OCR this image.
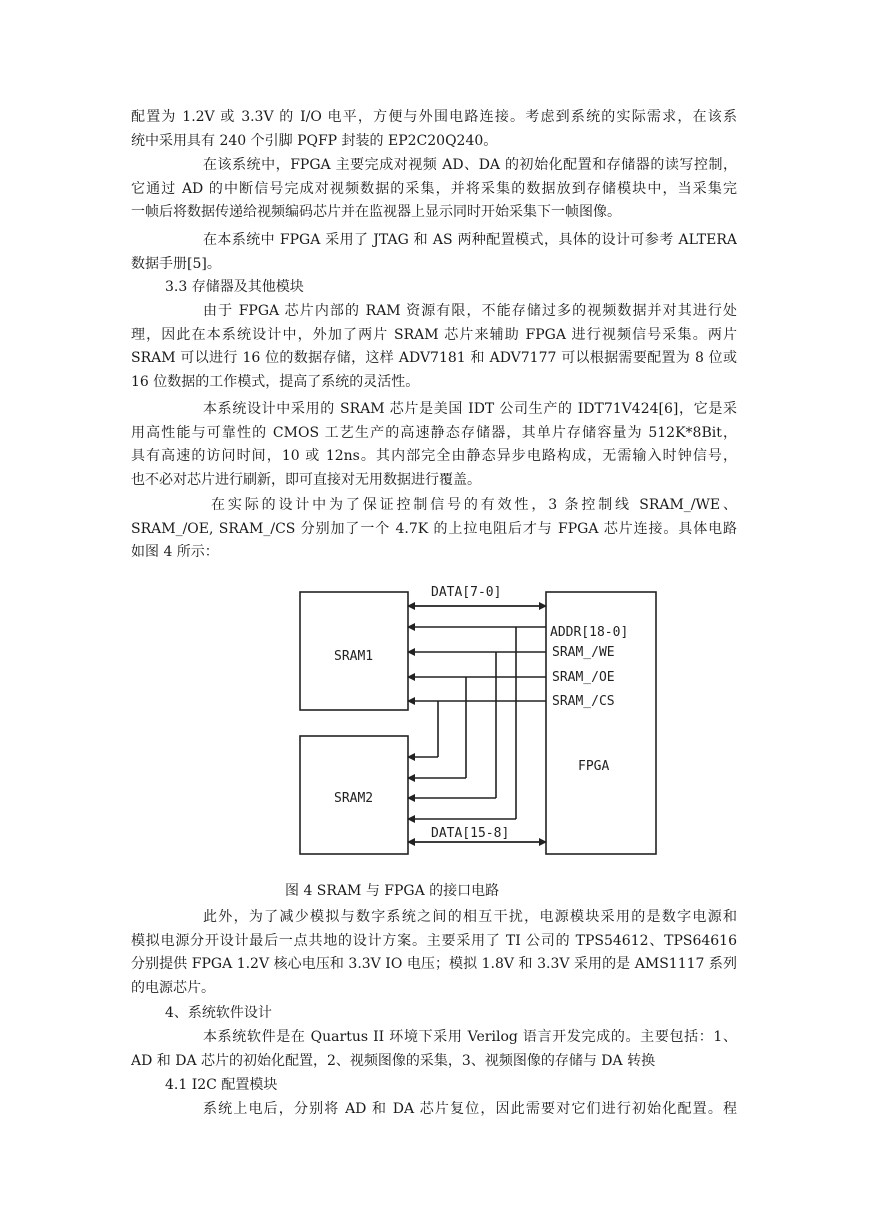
配置为 1.2V 或 3.3V 的 I/O 电平，方便与外围电路连接。考虑到系统的实际需求，在该系
统中采用具有 240 个引脚 PQFP 封装的 EP2C20Q240。
在该系统中，FPGA 主要完成对视频 AD、DA 的初始化配置和存储器的读写控制，
它通过 AD 的中断信号完成对视频数据的采集，并将采集的数据放到存储模块中，当采集完
一帧后将数据传递给视频编码芯片并在监视器上显示同时开始采集下一帧图像。
在本系统中 FPGA 采用了 JTAG 和 AS 两种配置模式，具体的设计可参考 ALTERA
数据手册[5]。

3.3 存储器及其他模块

由于 FPGA 芯片内部的 RAM 资源有限，不能存储过多的视频数据并对其进行处
理，因此在本系统设计中，外加了两片 SRAM 芯片来辅助 FPGA 进行视频信号采集。两片
SRAM 可以进行 16 位的数据存储，这样 ADV7181 和 ADV7177 可以根据需要配置为 8 位或
16 位数据的工作模式，提高了系统的灵活性。
本系统设计中采用的 SRAM 芯片是美国 IDT 公司生产的 IDT71V424[6]，它是采
用高性能与可靠性的 CMOS 工艺生产的高速静态存储器，其单片存储容量为 512K*8Bit，
具有高速的访问时间，10 或 12ns。其内部完全由静态异步电路构成，无需输入时钟信号，
也不必对芯片进行刷新，即可直接对无用数据进行覆盖。
在实际的设计中为了保证控制信号的有效性，3 条控制线 SRAM_/WE、
SRAM_/OE, SRAM_/CS 分别加了一个 4.7K 的上拉电阻后才与 FPGA 芯片连接。具体电路
如图 4 所示：
DATA[7-0]
DATA[15-8]
ADDR[18-0]
SRAM_/WE
SRAM_/OE
SRAM_/CS
SRAM1
SRAM2
FPGA

图 4 SRAM 与 FPGA 的接口电路

此外，为了减少模拟与数字系统之间的相互干扰，电源模块采用的是数字电源和
模拟电源分开设计最后一点共地的设计方案。主要采用了 TI 公司的 TPS54612、TPS64616
分别提供 FPGA 1.2V 核心电压和 3.3V IO 电压；模拟 1.8V 和 3.3V 采用的是 AMS1117 系列
的电源芯片。

4、系统软件设计

本系统软件是在 Quartus II 环境下采用 Verilog 语言开发完成的。主要包括：1、
AD 和 DA 芯片的初始化配置，2、视频图像的采集，3、视频图像的存储与 DA 转换

4.1 I2C 配置模块

系统上电后，分别将 AD 和 DA 芯片复位，因此需要对它们进行初始化配置。程
